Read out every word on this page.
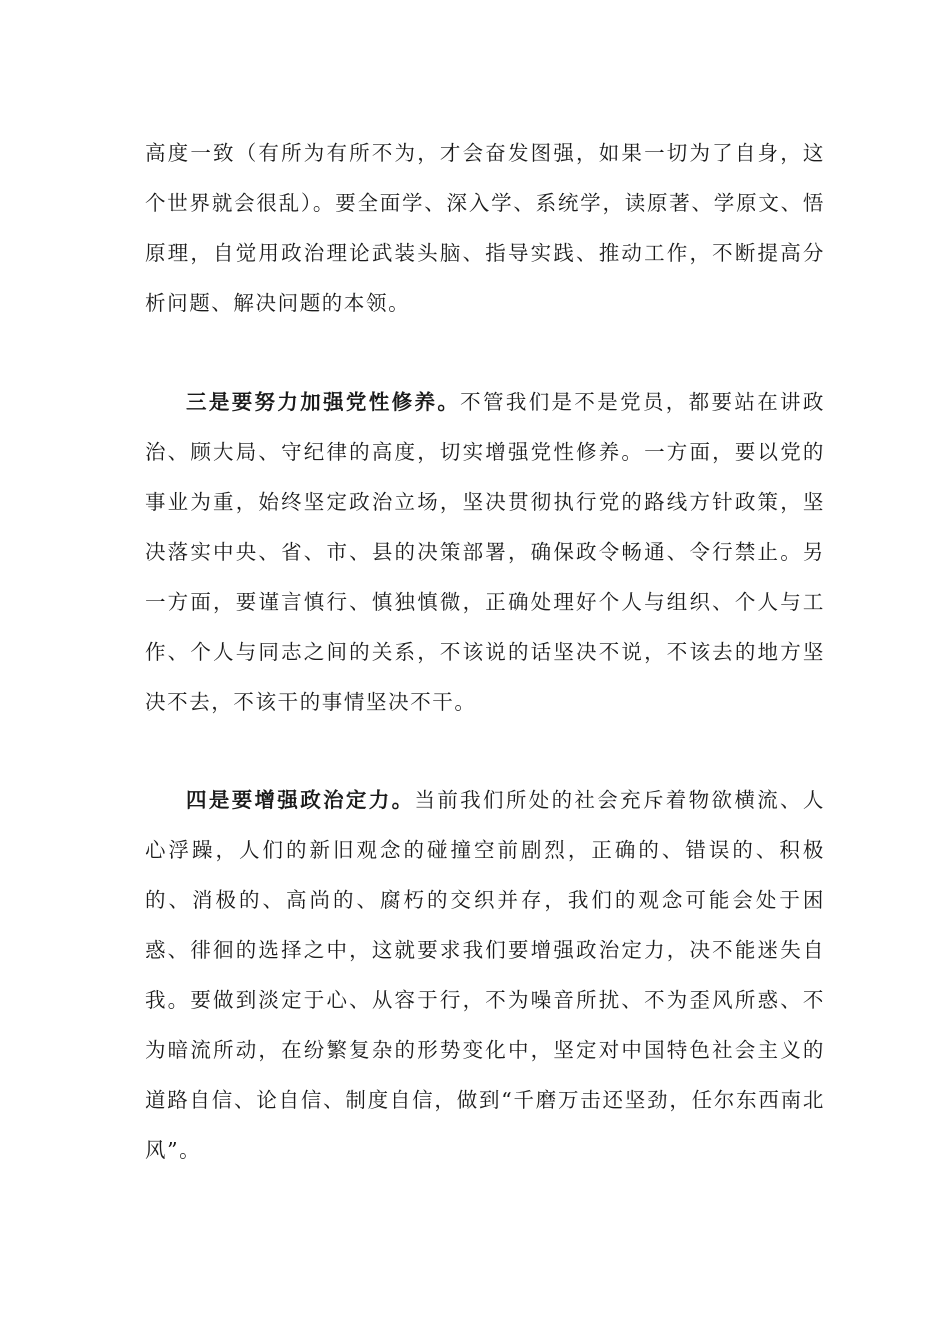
高度一致（有所为有所不为，才会奋发图强，如果一切为了自身，这个世界就会很乱）。要全面学、深入学、系统学，读原著、学原文、悟原理，自觉用政治理论武装头脑、指导实践、推动工作，不断提高分析问题、解决问题的本领。

三是要努力加强党性修养。不管我们是不是党员，都要站在讲政治、顾大局、守纪律的高度，切实增强党性修养。一方面，要以党的事业为重，始终坚定政治立场，坚决贯彻执行党的路线方针政策，坚决落实中央、省、市、县的决策部署，确保政令畅通、令行禁止。另一方面，要谨言慎行、慎独慎微，正确处理好个人与组织、个人与工作、个人与同志之间的关系，不该说的话坚决不说，不该去的地方坚决不去，不该干的事情坚决不干。

四是要增强政治定力。当前我们所处的社会充斥着物欲横流、人心浮躁，人们的新旧观念的碰撞空前剧烈，正确的、错误的、积极的、消极的、高尚的、腐朽的交织并存，我们的观念可能会处于困惑、徘徊的选择之中，这就要求我们要增强政治定力，决不能迷失自我。要做到淡定于心、从容于行，不为噪音所扰、不为歪风所惑、不为暗流所动，在纷繁复杂的形势变化中，坚定对中国特色社会主义的道路自信、论自信、制度自信，做到“千磨万击还坚劲，任尔东西南北风”。
